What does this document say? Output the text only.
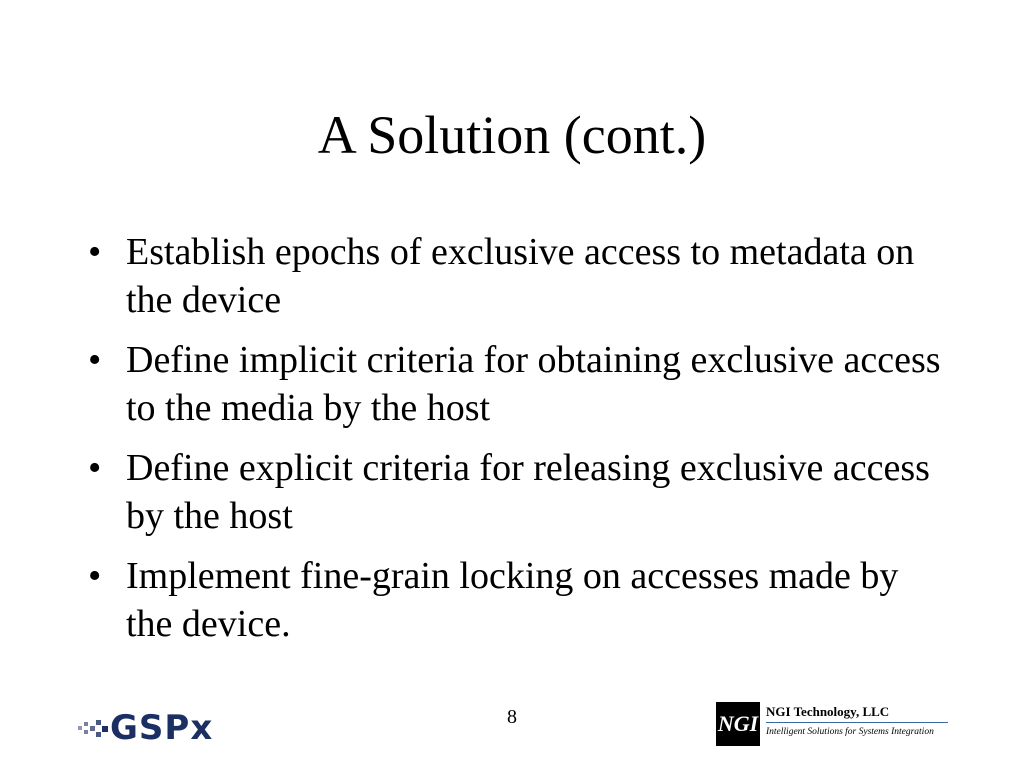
A Solution (cont.)
• Establish epochs of exclusive access to metadata on the device
• Define implicit criteria for obtaining exclusive access to the media by the host
• Define explicit criteria for releasing exclusive access by the host
• Implement fine-grain locking on accesses made by the device.
GSPx	8	NGI NGI Technology, LLC
Intelligent Solutions for Systems Integration
